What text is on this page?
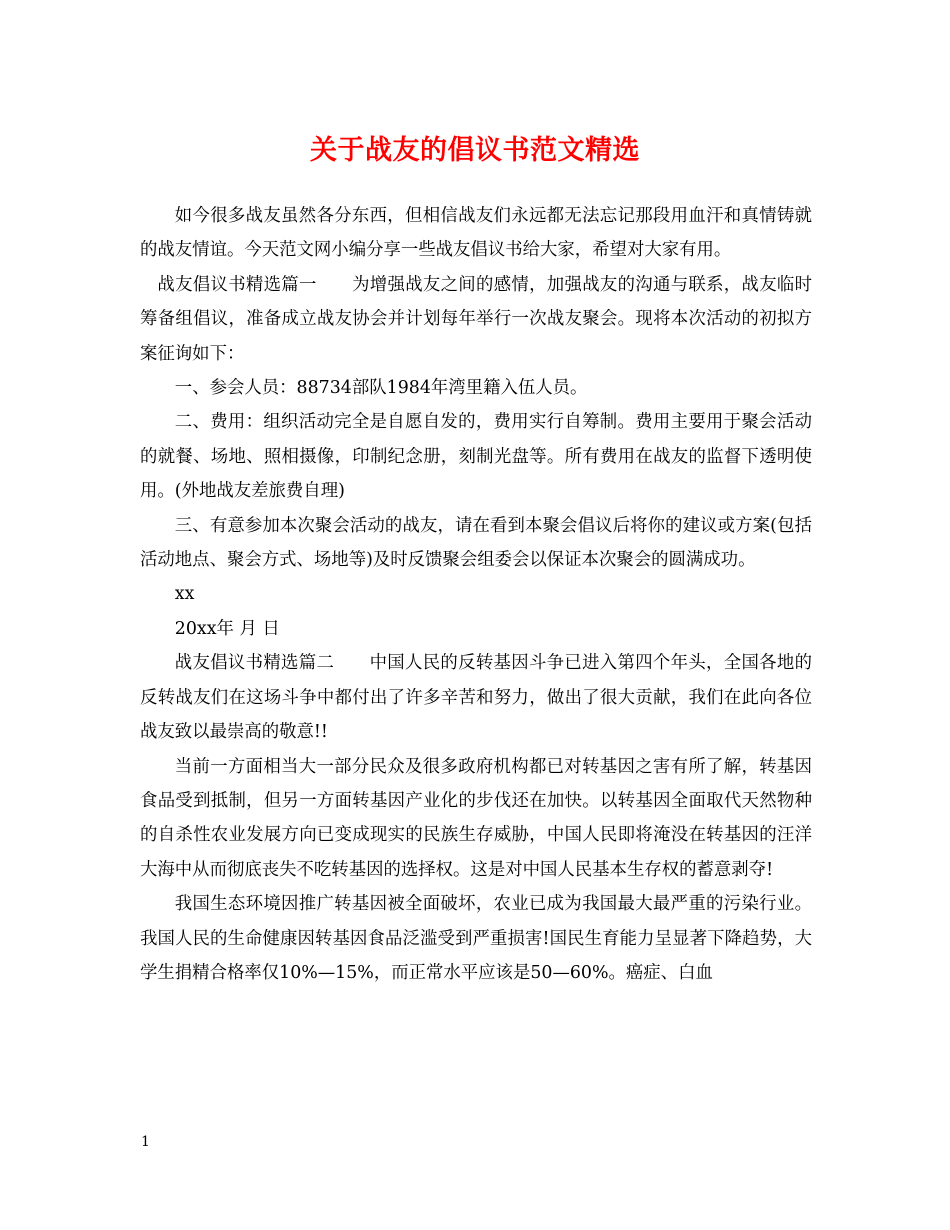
关于战友的倡议书范文精选

如今很多战友虽然各分东西，但相信战友们永远都无法忘记那段用血汗和真情铸就的战友情谊。今天范文网小编分享一些战友倡议书给大家，希望对大家有用。

战友倡议书精选篇一　　为增强战友之间的感情，加强战友的沟通与联系，战友临时筹备组倡议，准备成立战友协会并计划每年举行一次战友聚会。现将本次活动的初拟方案征询如下：

一、参会人员：88734部队1984年湾里籍入伍人员。

二、费用：组织活动完全是自愿自发的，费用实行自筹制。费用主要用于聚会活动的就餐、场地、照相摄像，印制纪念册，刻制光盘等。所有费用在战友的监督下透明使用。(外地战友差旅费自理)

三、有意参加本次聚会活动的战友，请在看到本聚会倡议后将你的建议或方案(包括活动地点、聚会方式、场地等)及时反馈聚会组委会以保证本次聚会的圆满成功。

xx

20xx年 月 日

战友倡议书精选篇二　　中国人民的反转基因斗争已进入第四个年头，全国各地的反转战友们在这场斗争中都付出了许多辛苦和努力，做出了很大贡献，我们在此向各位战友致以最崇高的敬意!!

当前一方面相当大一部分民众及很多政府机构都已对转基因之害有所了解，转基因食品受到抵制，但另一方面转基因产业化的步伐还在加快。以转基因全面取代天然物种的自杀性农业发展方向已变成现实的民族生存威胁，中国人民即将淹没在转基因的汪洋大海中从而彻底丧失不吃转基因的选择权。这是对中国人民基本生存权的蓄意剥夺!

我国生态环境因推广转基因被全面破坏，农业已成为我国最大最严重的污染行业。我国人民的生命健康因转基因食品泛滥受到严重损害!国民生育能力呈显著下降趋势，大学生捐精合格率仅10%—15%，而正常水平应该是50—60%。癌症、白血

1
